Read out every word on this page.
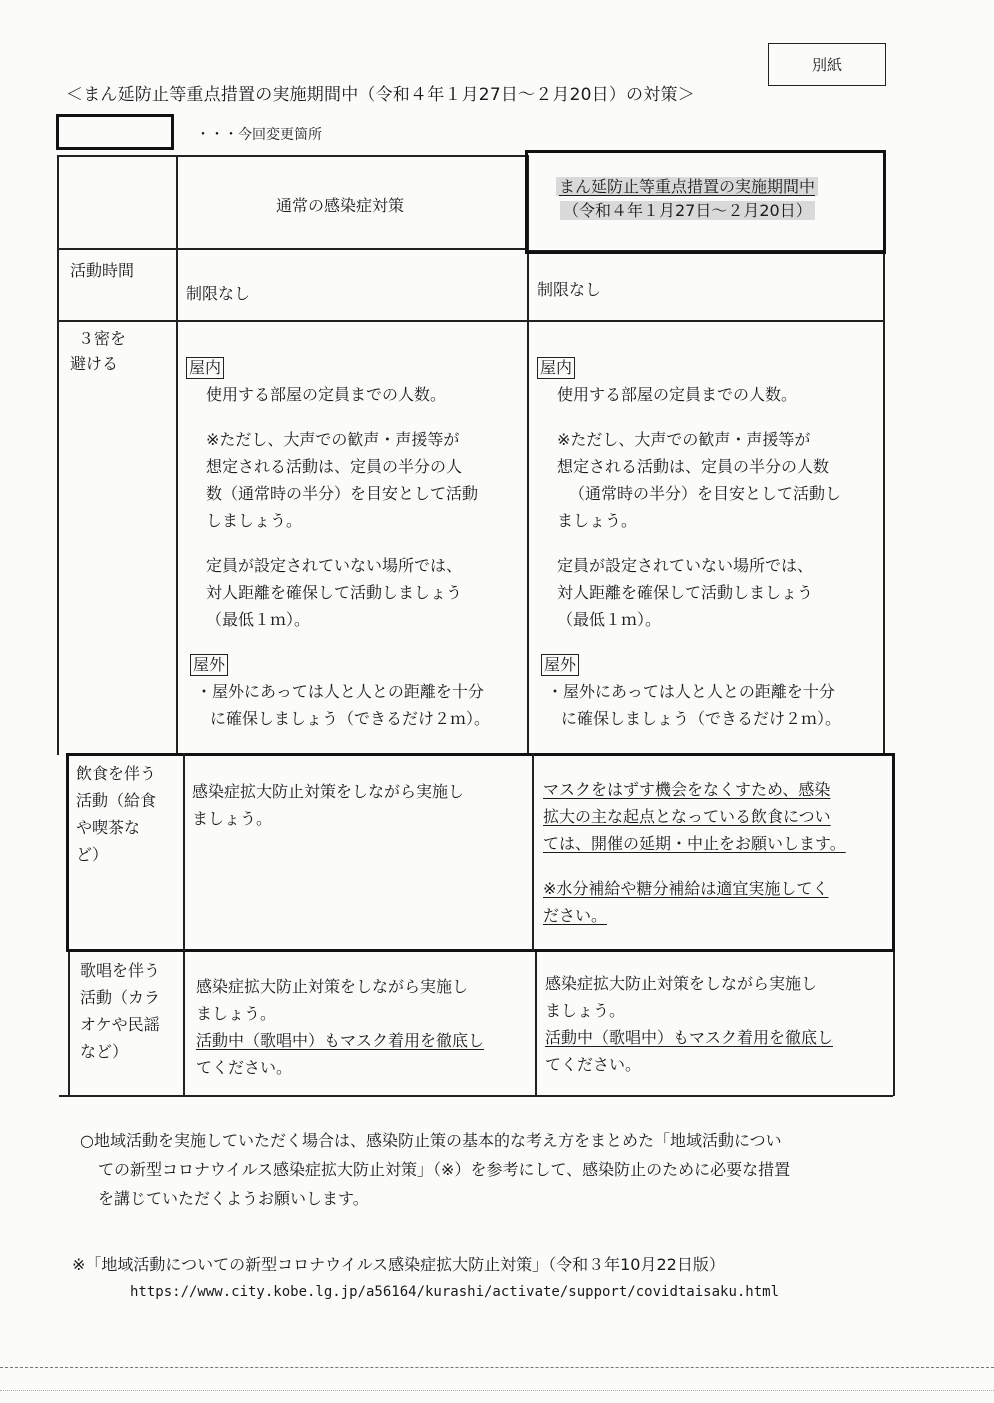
別紙
＜まん延防止等重点措置の実施期間中（令和４年１月27日～２月20日）の対策＞
・・・今回変更箇所
通常の感染症対策
まん延防止等重点措置の実施期間中
（令和４年１月27日～２月20日）
活動時間
制限なし	制限なし
３密を
避ける	屋内
使用する部屋の定員までの人数。
※ただし、大声での歓声・声援等が
想定される活動は、定員の半分の人
数（通常時の半分）を目安として活動
しましょう。
定員が設定されていない場所では、
対人距離を確保して活動しましょう
（最低１ｍ）。
屋外
・屋外にあっては人と人との距離を十分
に確保しましょう（できるだけ２ｍ）。
屋内
使用する部屋の定員までの人数。
※ただし、大声での歓声・声援等が
想定される活動は、定員の半分の人数
（通常時の半分）を目安として活動し
ましょう。
定員が設定されていない場所では、
対人距離を確保して活動しましょう
（最低１ｍ）。
屋外
・屋外にあっては人と人との距離を十分
に確保しましょう（できるだけ２ｍ）。
飲食を伴う
活動（給食
や喫茶な
ど）
感染症拡大防止対策をしながら実施し
ましょう。
マスクをはずす機会をなくすため、感染
拡大の主な起点となっている飲食につい
ては、開催の延期・中止をお願いします。
※水分補給や糖分補給は適宜実施してく
ださい。
歌唱を伴う
活動（カラ
オケや民謡
など）
感染症拡大防止対策をしながら実施し
ましょう。
活動中（歌唱中）もマスク着用を徹底し
てください。
感染症拡大防止対策をしながら実施し
ましょう。
活動中（歌唱中）もマスク着用を徹底し
てください。
○地域活動を実施していただく場合は、感染防止策の基本的な考え方をまとめた「地域活動につい
ての新型コロナウイルス感染症拡大防止対策」（※）を参考にして、感染防止のために必要な措置
を講じていただくようお願いします。
※「地域活動についての新型コロナウイルス感染症拡大防止対策」（令和３年10月22日版）
https://www.city.kobe.lg.jp/a56164/kurashi/activate/support/covidtaisaku.html
